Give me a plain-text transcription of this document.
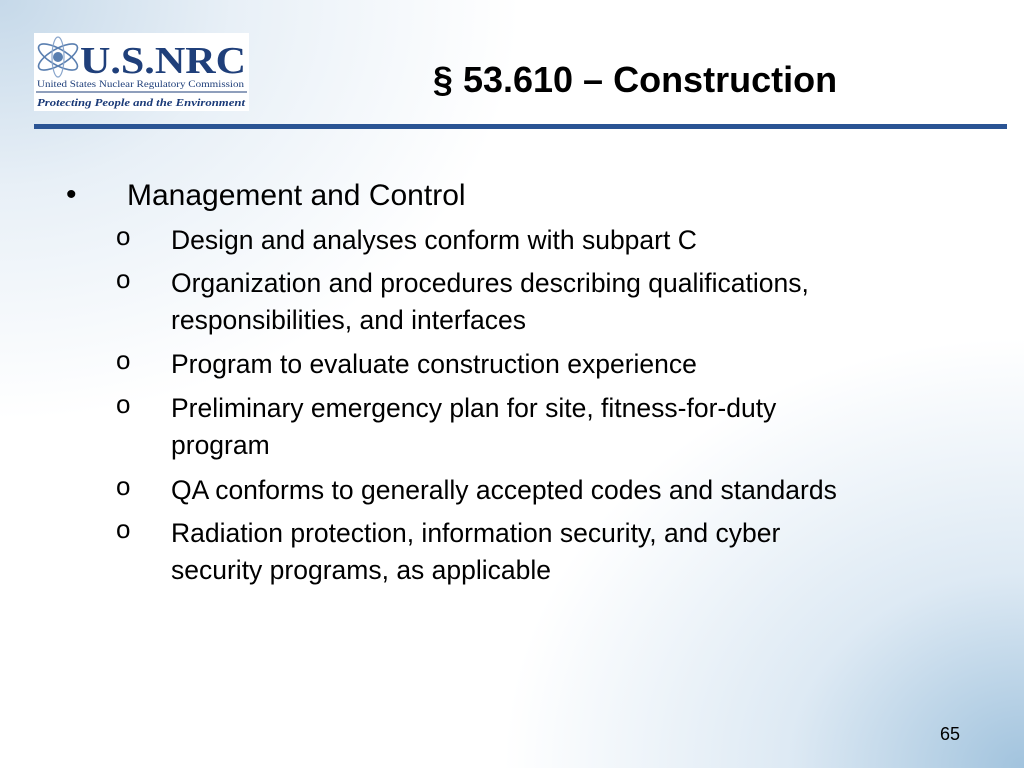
U.S.NRC
United States Nuclear Regulatory Commission
Protecting People and the Environment
§ 53.610 – Construction
• Management and Control
o Design and analyses conform with subpart C
o Organization and procedures describing qualifications,
responsibilities, and interfaces
o Program to evaluate construction experience
o Preliminary emergency plan for site, fitness-for-duty
program
o QA conforms to generally accepted codes and standards
o Radiation protection, information security, and cyber
security programs, as applicable
65
